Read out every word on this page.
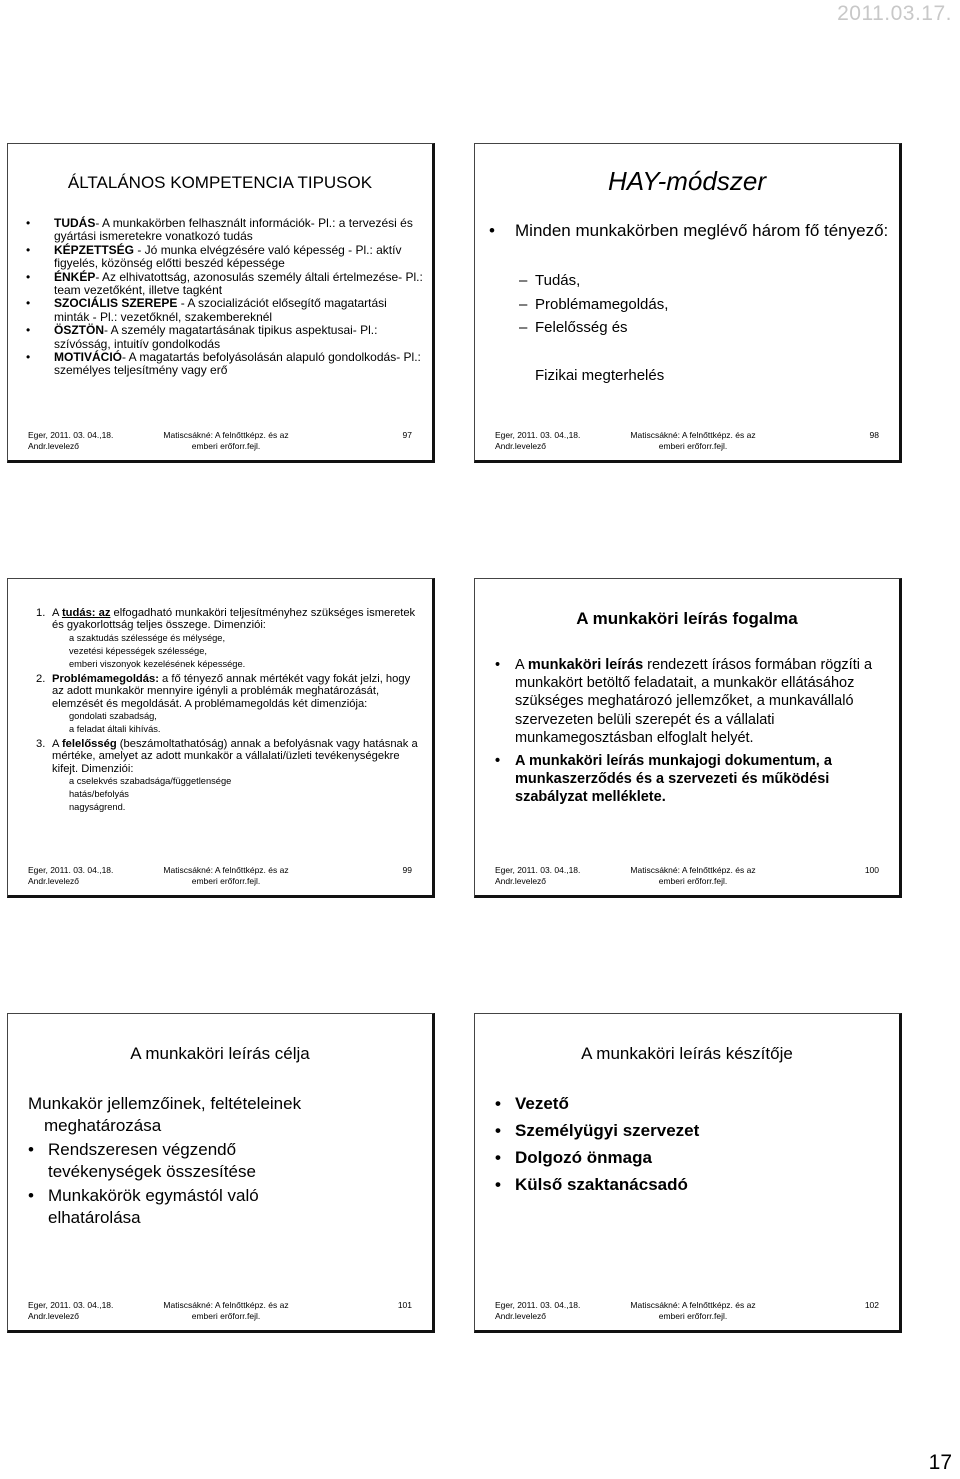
2011.03.17.
ÁLTALÁNOS KOMPETENCIA TIPUSOK
• TUDÁS- A munkakörben felhasznált információk- Pl.: a tervezési és gyártási ismeretekre vonatkozó tudás
• KÉPZETTSÉG - Jó munka elvégzésére való képesség - Pl.: aktív figyelés, közönség előtti beszéd képessége
• ÉNKÉP- Az elhivatottság, azonosulás személy általi értelmezése- Pl.: team vezetőként, illetve tagként
• SZOCIÁLIS SZEREPE - A szocializációt elősegítő magatartási minták - Pl.: vezetőknél, szakembereknél
• ÖSZTÖN- A személy magatartásának tipikus aspektusai- Pl.: szívósság, intuitív gondolkodás
• MOTIVÁCIÓ- A magatartás befolyásolásán alapuló gondolkodás- Pl.: személyes teljesítmény vagy erő
Eger, 2011. 03. 04.,18.
Andr.levelező
Matiscsákné: A felnőttképz. és az
emberi erőforr.fejl.
97
HAY-módszer
• Minden munkakörben meglévő három fő tényező:
– Tudás,
– Problémamegoldás,
– Felelősség és
Fizikai megterhelés
Eger, 2011. 03. 04.,18.
Andr.levelező
Matiscsákné: A felnőttképz. és az
emberi erőforr.fejl.
98
1. A tudás: az elfogadható munkaköri teljesítményhez szükséges ismeretek és gyakorlottság teljes összege. Dimenziói:
a szaktudás szélessége és mélysége,
vezetési képességek szélessége,
emberi viszonyok kezelésének képessége.
2. Problémamegoldás: a fő tényező annak mértékét vagy fokát jelzi, hogy az adott munkakör mennyire igényli a problémák meghatározását, elemzését és megoldását. A problémamegoldás két dimenziója:
gondolati szabadság,
a feladat általi kihívás.
3. A felelősség (beszámoltathatóság) annak a befolyásnak vagy hatásnak a mértéke, amelyet az adott munkakör a vállalati/üzleti tevékenységekre kifejt. Dimenziói:
a cselekvés szabadsága/függetlensége
hatás/befolyás
nagyságrend.
Eger, 2011. 03. 04.,18.
Andr.levelező
Matiscsákné: A felnőttképz. és az
emberi erőforr.fejl.
99
A munkaköri leírás fogalma
• A munkaköri leírás rendezett írásos formában rögzíti a munkakört betöltő feladatait, a munkakör ellátásához szükséges meghatározó jellemzőket, a munkavállaló szervezeten belüli szerepét és a vállalati munkamegosztásban elfoglalt helyét.
• A munkaköri leírás munkajogi dokumentum, a munkaszerződés és a szervezeti és működési szabályzat melléklete.
Eger, 2011. 03. 04.,18.
Andr.levelező
Matiscsákné: A felnőttképz. és az
emberi erőforr.fejl.
100
A munkaköri leírás célja
Munkakör jellemzőinek, feltételeinek
meghatározása
• Rendszeresen végzendő
tevékenységek összesítése
• Munkakörök egymástól való
elhatárolása
Eger, 2011. 03. 04.,18.
Andr.levelező
Matiscsákné: A felnőttképz. és az
emberi erőforr.fejl.
101
A munkaköri leírás készítője
• Vezető
• Személyügyi szervezet
• Dolgozó önmaga
• Külső szaktanácsadó
Eger, 2011. 03. 04.,18.
Andr.levelező
Matiscsákné: A felnőttképz. és az
emberi erőforr.fejl.
102
17
